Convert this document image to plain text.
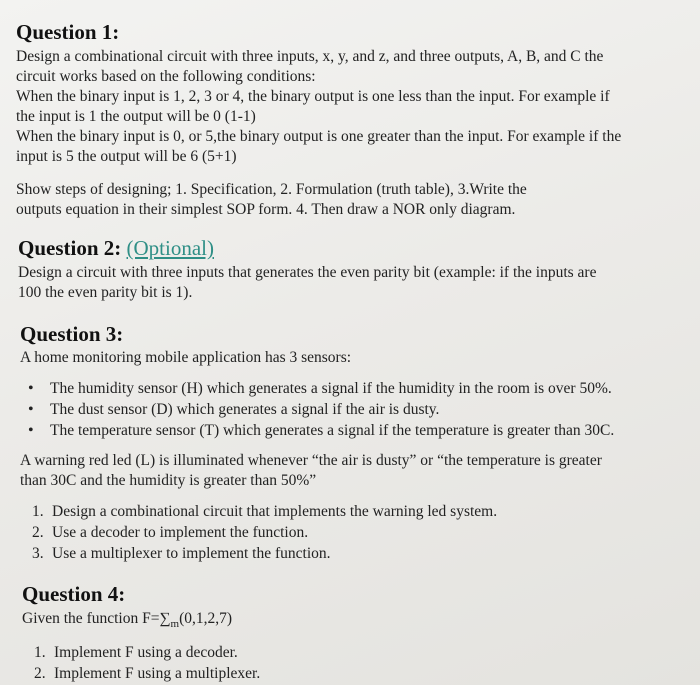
Question 1:

Design a combinational circuit with three inputs, x, y, and z, and three outputs, A, B, and C the

circuit works based on the following conditions:

When the binary input is 1, 2, 3 or 4, the binary output is one less than the input. For example if

the input is 1 the output will be 0 (1-1)

When the binary input is 0, or 5,the binary output is one greater than the input. For example if the

input is 5 the output will be 6 (5+1)

Show steps of designing; 1. Specification, 2. Formulation (truth table), 3.Write the

outputs equation in their simplest SOP form. 4. Then draw a NOR only diagram.

Question 2: (Optional)

Design a circuit with three inputs that generates the even parity bit (example: if the inputs are

100 the even parity bit is 1).

Question 3:

A home monitoring mobile application has 3 sensors:

• The humidity sensor (H) which generates a signal if the humidity in the room is over 50%.
• The dust sensor (D) which generates a signal if the air is dusty.
• The temperature sensor (T) which generates a signal if the temperature is greater than 30C.

A warning red led (L) is illuminated whenever “the air is dusty” or “the temperature is greater

than 30C and the humidity is greater than 50%”

1. Design a combinational circuit that implements the warning led system.
2. Use a decoder to implement the function.
3. Use a multiplexer to implement the function.

Question 4:

Given the function $F=\sum_m(0,1,2,7)$

1. Implement F using a decoder.
2. Implement F using a multiplexer.
